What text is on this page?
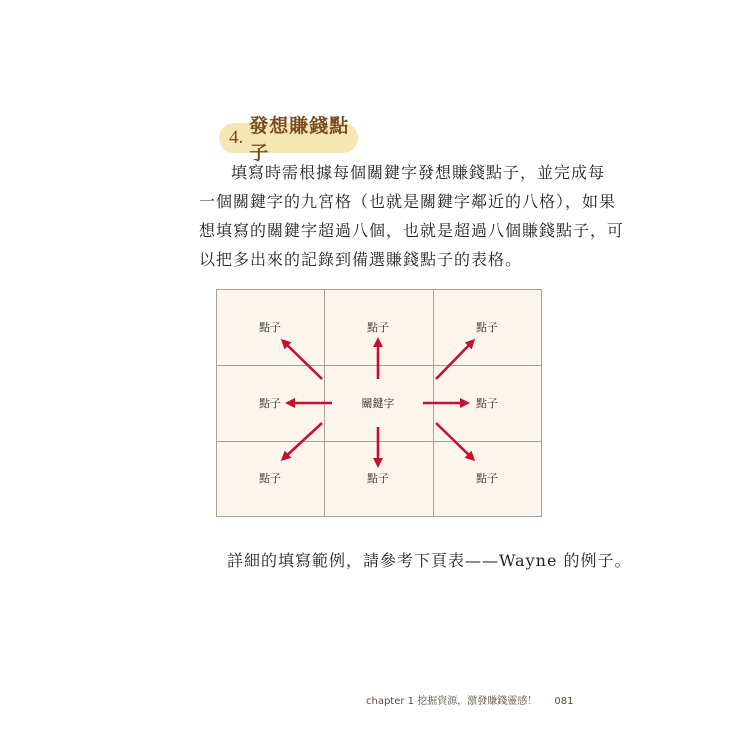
4.
發想賺錢點子
填寫時需根據每個關鍵字發想賺錢點子，並完成每
一個關鍵字的九宮格（也就是關鍵字鄰近的八格），如果
想填寫的關鍵字超過八個，也就是超過八個賺錢點子，可
以把多出來的記錄到備選賺錢點子的表格。
點子	點子	點子
點子	關鍵字	點子
點子	點子	點子
詳細的填寫範例，請參考下頁表——Wayne 的例子。
chapter 1 挖掘資源，激發賺錢靈感！ 081
